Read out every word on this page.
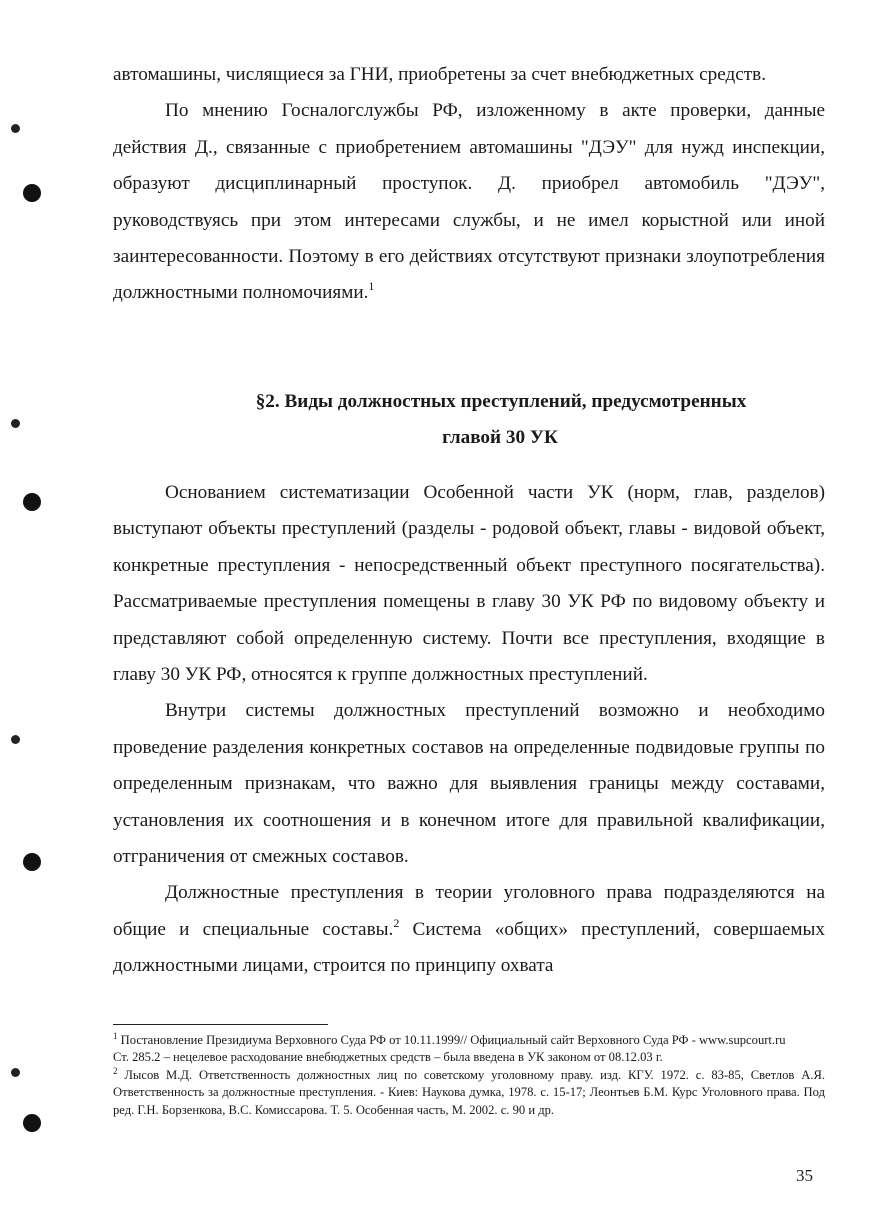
автомашины, числящиеся за ГНИ, приобретены за счет внебюджетных средств.

По мнению Госналогслужбы РФ, изложенному в акте проверки, данные действия Д., связанные с приобретением автомашины "ДЭУ" для нужд инспекции, образуют дисциплинарный проступок. Д. приобрел автомобиль "ДЭУ", руководствуясь при этом интересами службы, и не имел корыстной или иной заинтересованности. Поэтому в его действиях отсутствуют признаки злоупотребления должностными полномочиями.$^1$

§2. Виды должностных преступлений, предусмотренных
главой 30 УК

Основанием систематизации Особенной части УК (норм, глав, разделов) выступают объекты преступлений (разделы - родовой объект, главы - видовой объект, конкретные преступления - непосредственный объект преступного посягательства). Рассматриваемые преступления помещены в главу 30 УК РФ по видовому объекту и представляют собой определенную систему. Почти все преступления, входящие в главу 30 УК РФ, относятся к группе должностных преступлений.

Внутри системы должностных преступлений возможно и необходимо проведение разделения конкретных составов на определенные подвидовые группы по определенным признакам, что важно для выявления границы между составами, установления их соотношения и в конечном итоге для правильной квалификации, отграничения от смежных составов.

Должностные преступления в теории уголовного права подразделяются на общие и специальные составы.$^2$ Система «общих» преступлений, совершаемых должностными лицами, строится по принципу охвата

$^1$ Постановление Президиума Верховного Суда РФ от 10.11.1999// Официальный сайт Верховного Суда РФ - www.supcourt.ru

Ст. 285.2 – нецелевое расходование внебюджетных средств – была введена в УК законом от 08.12.03 г.

$^2$ Лысов М.Д. Ответственность должностных лиц по советскому уголовному праву. изд. КГУ. 1972. с. 83-85, Светлов А.Я. Ответственность за должностные преступления. - Киев: Наукова думка, 1978. с. 15-17; Леонтьев Б.М. Курс Уголовного права. Под ред. Г.Н. Борзенкова, В.С. Комиссарова. Т. 5. Особенная часть, М. 2002. с. 90 и др.

35
